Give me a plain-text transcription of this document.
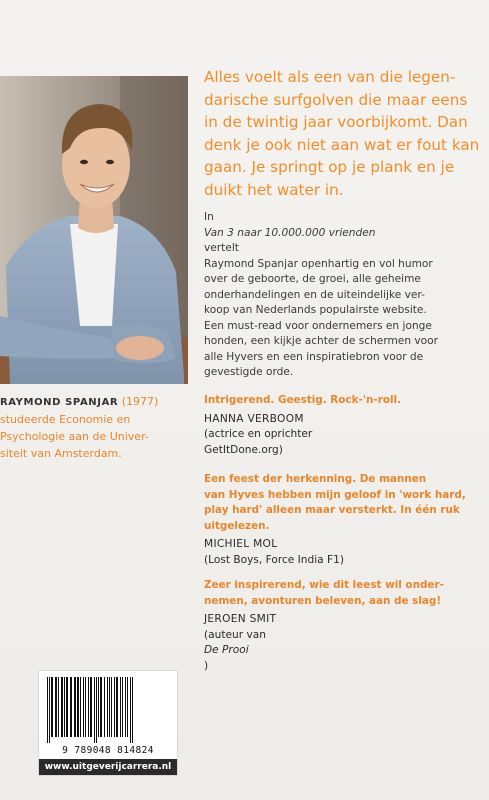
RAYMOND SPANJAR (1977)
studeerde Economie en
Psychologie aan de Univer-
siteit van Amsterdam.
Alles voelt als een van die legen-
darische surfgolven die maar eens
in de twintig jaar voorbijkomt. Dan
denk je ook niet aan wat er fout kan
gaan. Je springt op je plank en je
duikt het water in.
In
Van 3 naar 10.000.000 vrienden
vertelt
Raymond Spanjar openhartig en vol humor
over de geboorte, de groei, alle geheime
onderhandelingen en de uiteindelijke ver-
koop van Nederlands populairste website.
Een must-read voor ondernemers en jonge
honden, een kijkje achter de schermen voor
alle Hyvers en een inspiratiebron voor de
gevestigde orde.
Intrigerend. Geestig. Rock-'n-roll.
HANNA VERBOOM
(actrice en oprichter
GetItDone.org)
Een feest der herkenning. De mannen
van Hyves hebben mijn geloof in 'work hard,
play hard' alleen maar versterkt. In één ruk
uitgelezen.
MICHIEL MOL
(Lost Boys, Force India F1)
Zeer inspirerend, wie dit leest wil onder-
nemen, avonturen beleven, aan de slag!
JEROEN SMIT
(auteur van
De Prooi
)
9 789048 814824
www.uitgeverijcarrera.nl
